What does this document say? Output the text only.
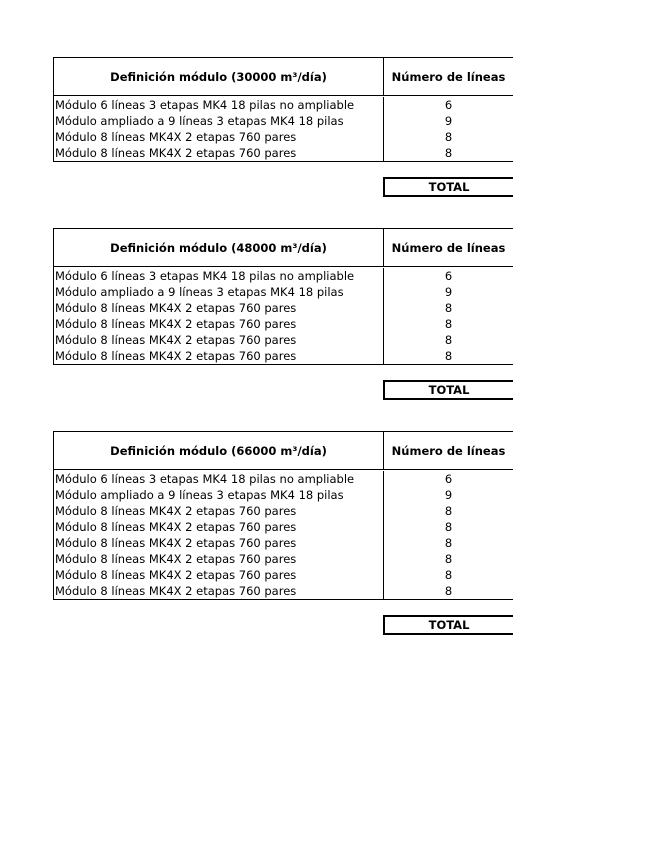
Definición módulo (30000 m³/día)	Número de líneas
Módulo 6 líneas 3 etapas MK4 18 pilas no ampliable	6
Módulo ampliado a 9 líneas 3 etapas MK4 18 pilas	9
Módulo 8 líneas MK4X 2 etapas 760 pares	8
Módulo 8 líneas MK4X 2 etapas 760 pares	8
TOTAL
Definición módulo (48000 m³/día)	Número de líneas
Módulo 6 líneas 3 etapas MK4 18 pilas no ampliable	6
Módulo ampliado a 9 líneas 3 etapas MK4 18 pilas	9
Módulo 8 líneas MK4X 2 etapas 760 pares	8
Módulo 8 líneas MK4X 2 etapas 760 pares	8
Módulo 8 líneas MK4X 2 etapas 760 pares	8
Módulo 8 líneas MK4X 2 etapas 760 pares	8
TOTAL
Definición módulo (66000 m³/día)	Número de líneas
Módulo 6 líneas 3 etapas MK4 18 pilas no ampliable	6
Módulo ampliado a 9 líneas 3 etapas MK4 18 pilas	9
Módulo 8 líneas MK4X 2 etapas 760 pares	8
Módulo 8 líneas MK4X 2 etapas 760 pares	8
Módulo 8 líneas MK4X 2 etapas 760 pares	8
Módulo 8 líneas MK4X 2 etapas 760 pares	8
Módulo 8 líneas MK4X 2 etapas 760 pares	8
Módulo 8 líneas MK4X 2 etapas 760 pares	8
TOTAL
